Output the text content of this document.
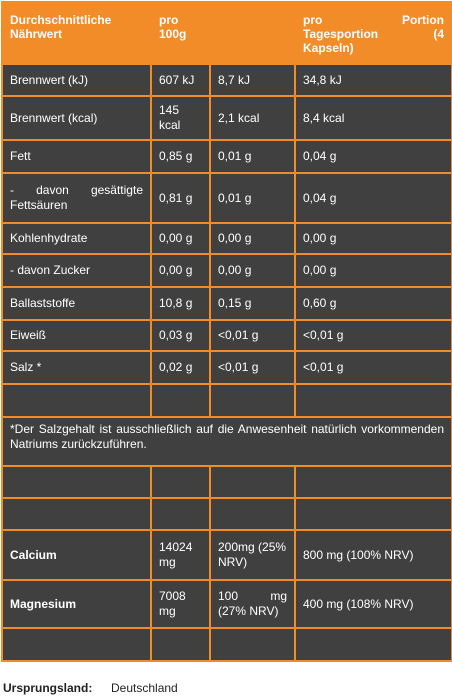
Durchschnittliche Nährwert	pro 100g		pro Portion Tagesportion (4 Kapseln)

Brennwert (kJ)	607 kJ	8,7 kJ	34,8 kJ
Brennwert (kcal)	145 kcal	2,1 kcal	8,4 kcal
Fett	0,85 g	0,01 g	0,04 g
- davon gesättigte Fettsäuren	0,81 g	0,01 g	0,04 g
Kohlenhydrate	0,00 g	0,00 g	0,00 g
- davon Zucker	0,00 g	0,00 g	0,00 g
Ballaststoffe	10,8 g	0,15 g	0,60 g
Eiweiß	0,03 g	<0,01 g	<0,01 g
Salz *	0,02 g	<0,01 g	<0,01 g

*Der Salzgehalt ist ausschließlich auf die Anwesenheit natürlich vorkommenden Natriums zurückzuführen.			

Calcium	14024 mg	200mg (25% NRV)	800 mg (100% NRV)
Magnesium	7008 mg	100 mg (27% NRV)	400 mg (108% NRV)

Ursprungsland: Deutschland
